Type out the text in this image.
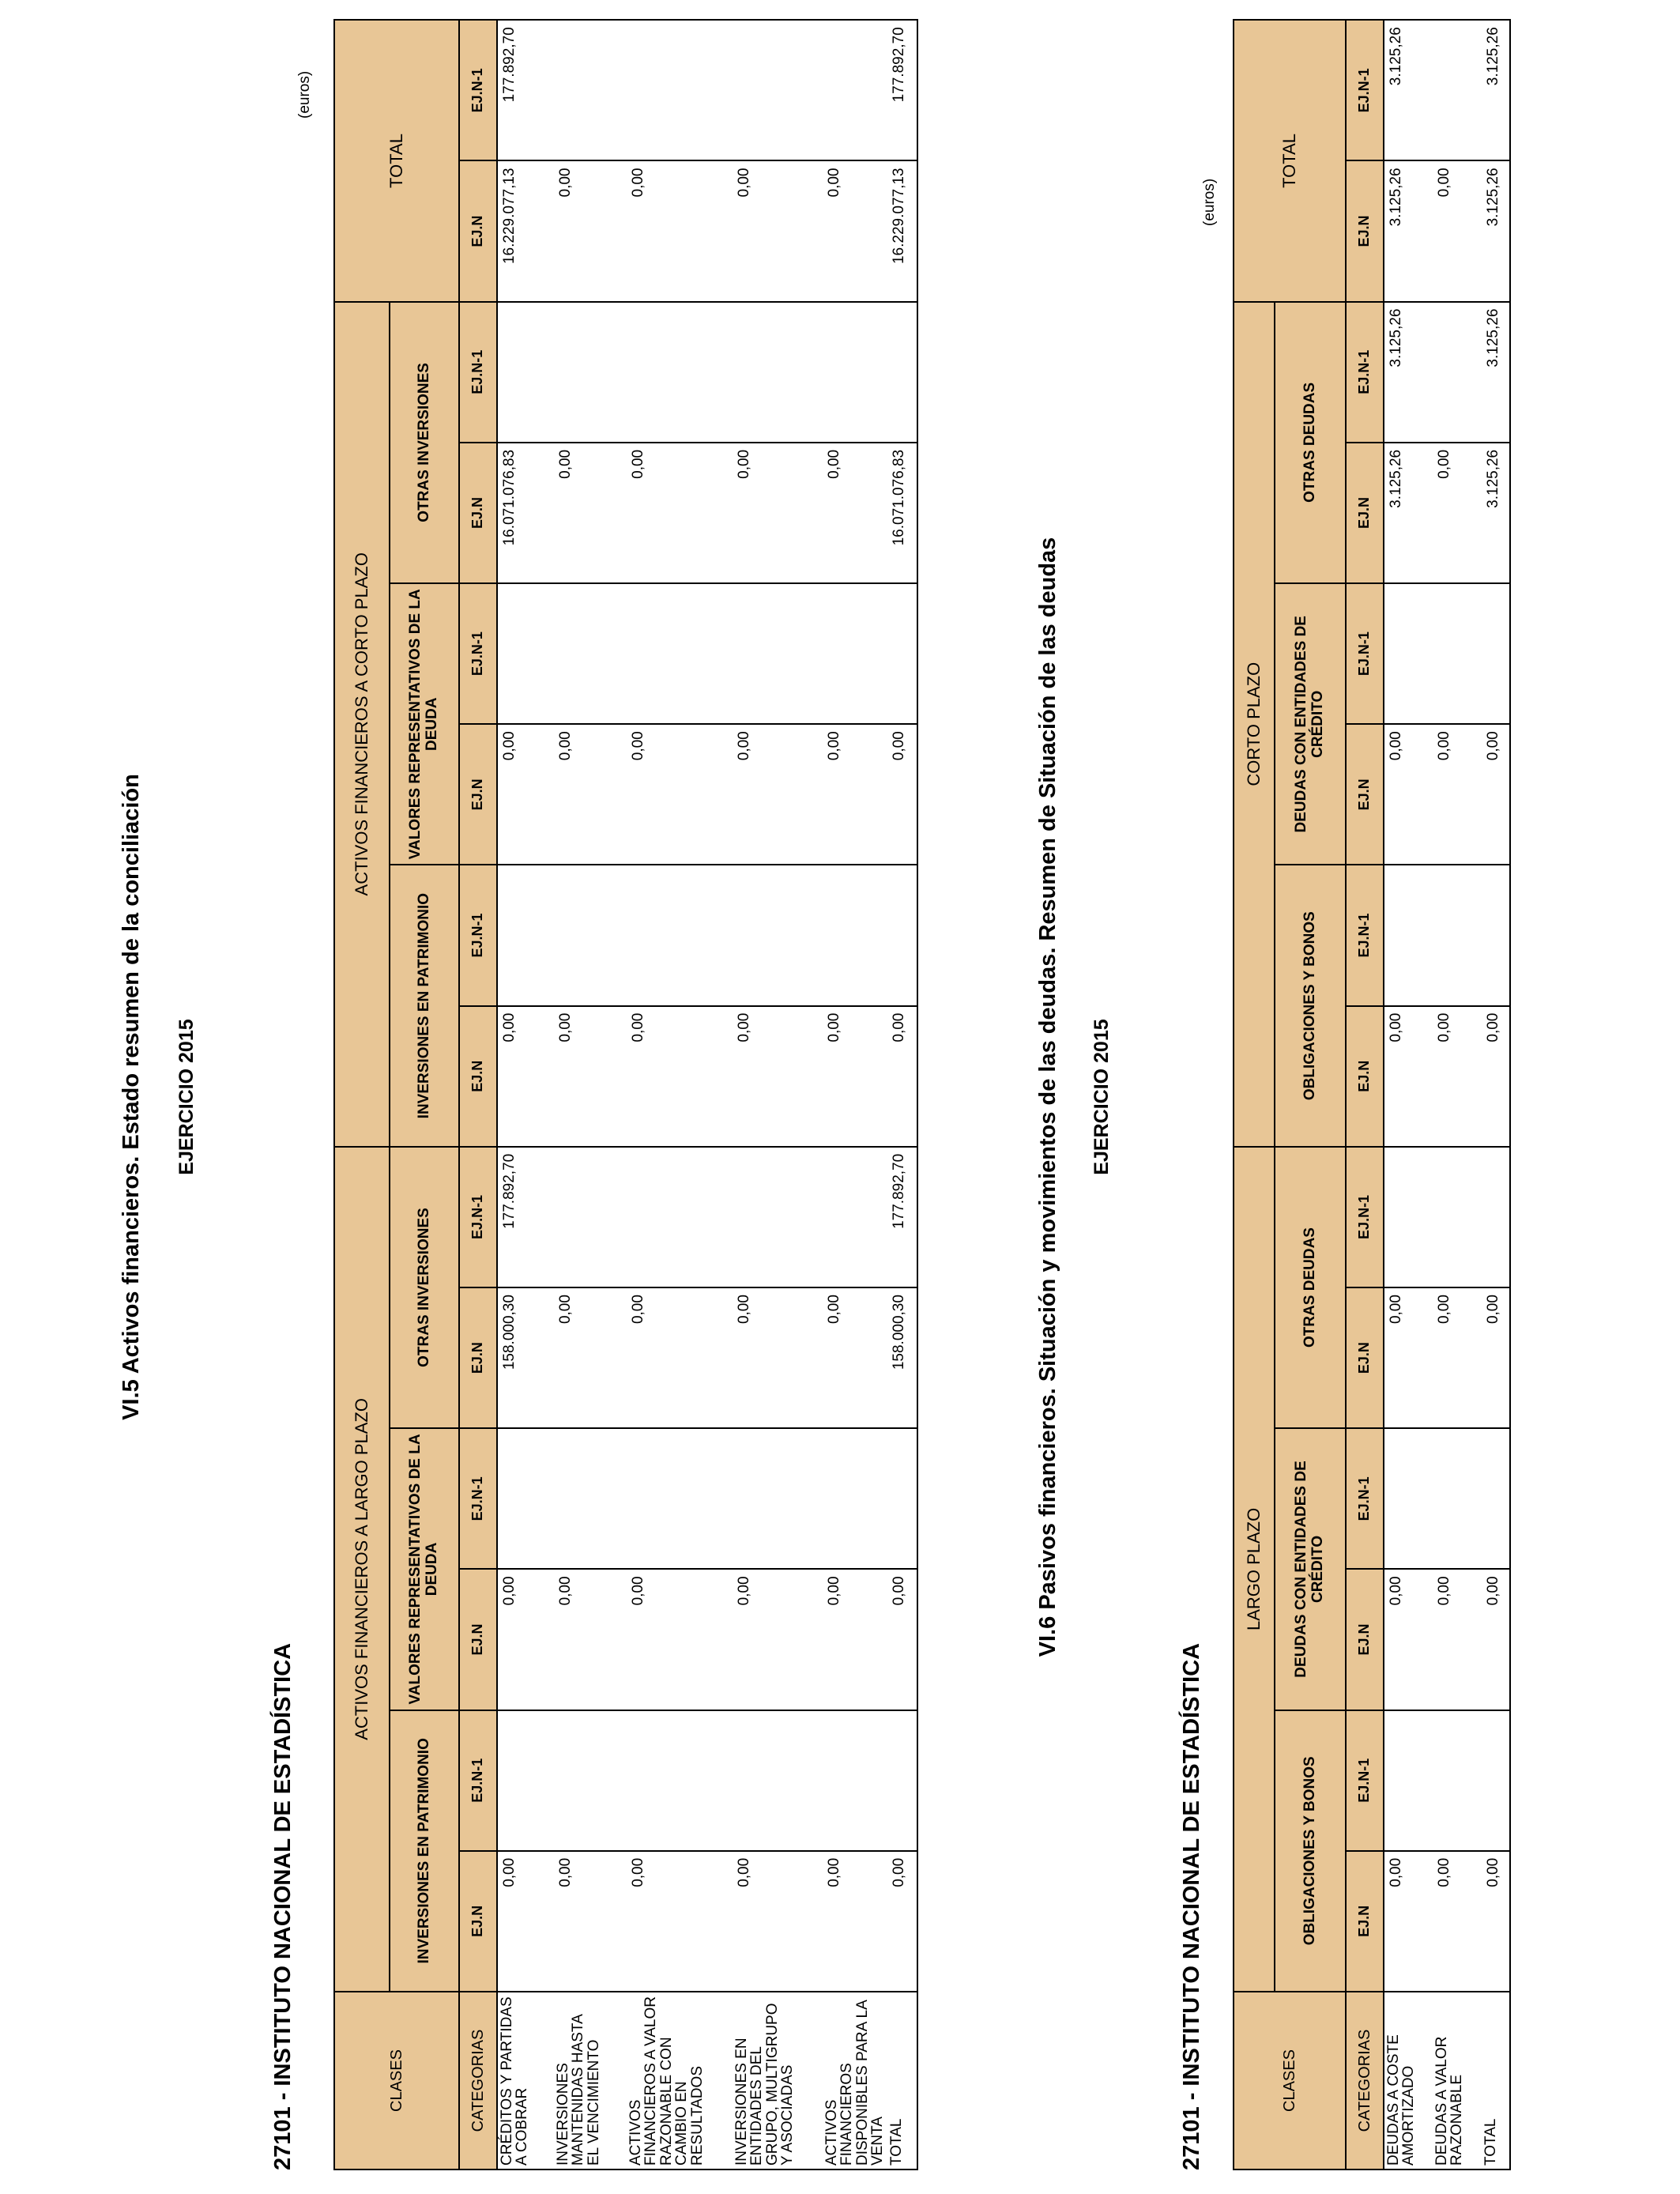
VI.5 Activos financieros. Estado resumen de la conciliación EJERCICIO 2015
27101 - INSTITUTO NACIONAL DE ESTADÍSTICA
(euros)
CLASES	ACTIVOS FINANCIEROS A LARGO PLAZO						ACTIVOS FINANCIEROS A CORTO PLAZO						TOTAL	
	INVERSIONES EN PATRIMONIO		VALORES REPRESENTATIVOS DE LA DEUDA		OTRAS INVERSIONES		INVERSIONES EN PATRIMONIO		VALORES REPRESENTATIVOS DE LA DEUDA		OTRAS INVERSIONES			
CATEGORIAS	EJ.N	EJ.N-1	EJ.N	EJ.N-1	EJ.N	EJ.N-1	EJ.N	EJ.N-1	EJ.N	EJ.N-1	EJ.N	EJ.N-1	EJ.N	EJ.N-1
CRÉDITOS Y PARTIDAS A COBRAR	0,00		0,00		158.000,30	177.892,70	0,00		0,00		16.071.076,83		16.229.077,13	177.892,70
INVERSIONES MANTENIDAS HASTA EL VENCIMIENTO	0,00		0,00		0,00		0,00		0,00		0,00		0,00	
ACTIVOS FINANCIEROS A VALOR RAZONABLE CON CAMBIO EN RESULTADOS	0,00		0,00		0,00		0,00		0,00		0,00		0,00	
INVERSIONES EN ENTIDADES DEL GRUPO, MULTIGRUPO Y ASOCIADAS	0,00		0,00		0,00		0,00		0,00		0,00		0,00	
ACTIVOS FINANCIEROS DISPONIBLES PARA LA VENTA	0,00		0,00		0,00		0,00		0,00		0,00		0,00	
TOTAL	0,00		0,00		158.000,30	177.892,70	0,00		0,00		16.071.076,83		16.229.077,13	177.892,70
VI.6 Pasivos financieros. Situación y movimientos de las deudas. Resumen de Situación de las deudas EJERCICIO 2015
27101 - INSTITUTO NACIONAL DE ESTADÍSTICA
(euros)
CLASES	LARGO PLAZO						CORTO PLAZO						TOTAL	
	OBLIGACIONES Y BONOS		DEUDAS CON ENTIDADES DE CRÉDITO		OTRAS DEUDAS		OBLIGACIONES Y BONOS		DEUDAS CON ENTIDADES DE CRÉDITO		OTRAS DEUDAS			
CATEGORIAS	EJ.N	EJ.N-1	EJ.N	EJ.N-1	EJ.N	EJ.N-1	EJ.N	EJ.N-1	EJ.N	EJ.N-1	EJ.N	EJ.N-1	EJ.N	EJ.N-1
DEUDAS A COSTE AMORTIZADO	0,00		0,00		0,00		0,00		0,00		3.125,26	3.125,26	3.125,26	3.125,26
DEUDAS A VALOR RAZONABLE	0,00		0,00		0,00		0,00		0,00		0,00		0,00	
TOTAL	0,00		0,00		0,00		0,00		0,00		3.125,26	3.125,26	3.125,26	3.125,26
